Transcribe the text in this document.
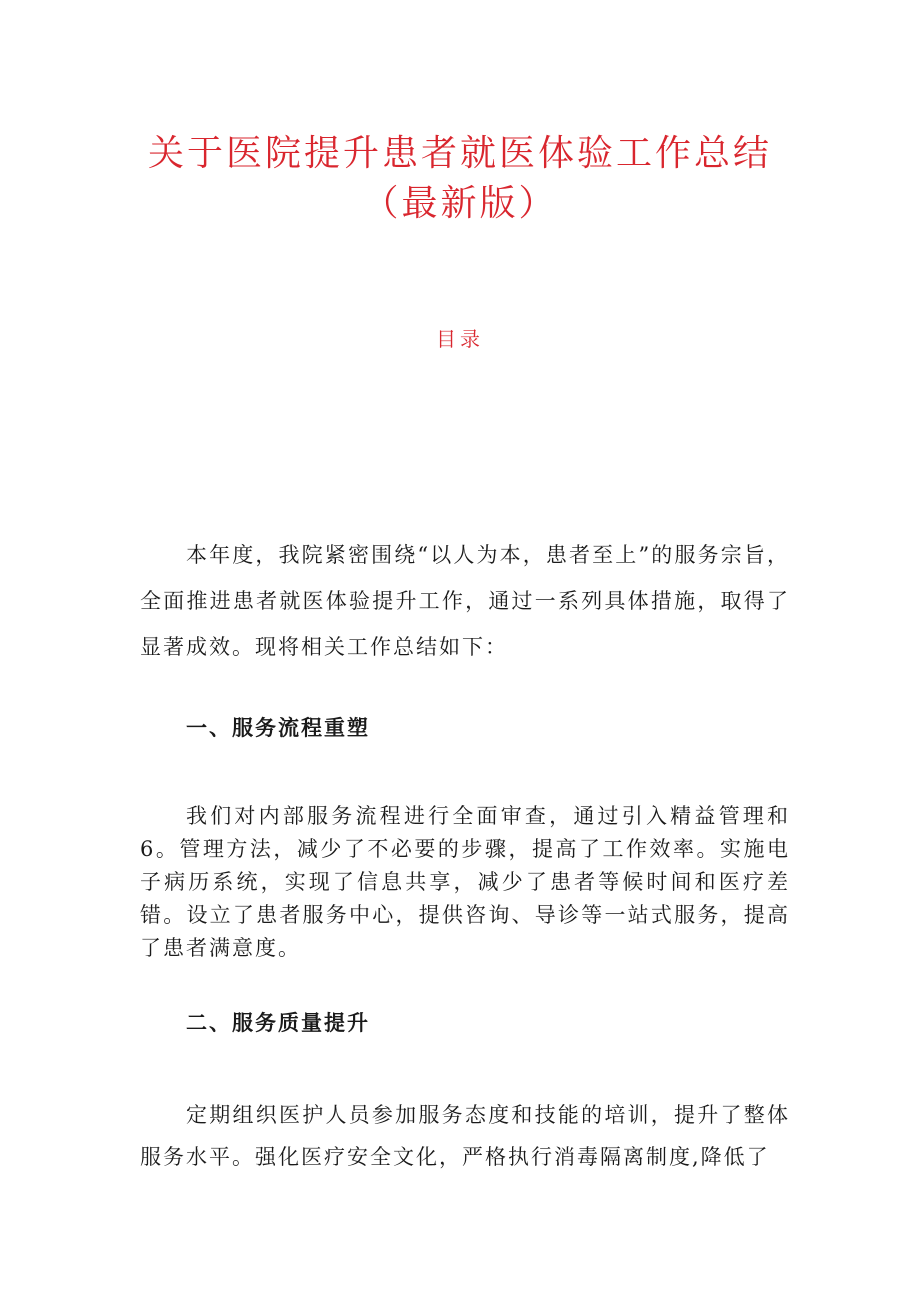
关于医院提升患者就医体验工作总结
（最新版）
目录

本年度，我院紧密围绕“以人为本，患者至上”的服务宗旨，全面推进患者就医体验提升工作，通过一系列具体措施，取得了显著成效。现将相关工作总结如下：

一、服务流程重塑

我们对内部服务流程进行全面审查，通过引入精益管理和6。管理方法，减少了不必要的步骤，提高了工作效率。实施电子病历系统，实现了信息共享，减少了患者等候时间和医疗差错。设立了患者服务中心，提供咨询、导诊等一站式服务，提高了患者满意度。

二、服务质量提升

定期组织医护人员参加服务态度和技能的培训，提升了整体服务水平。强化医疗安全文化，严格执行消毒隔离制度,降低了
